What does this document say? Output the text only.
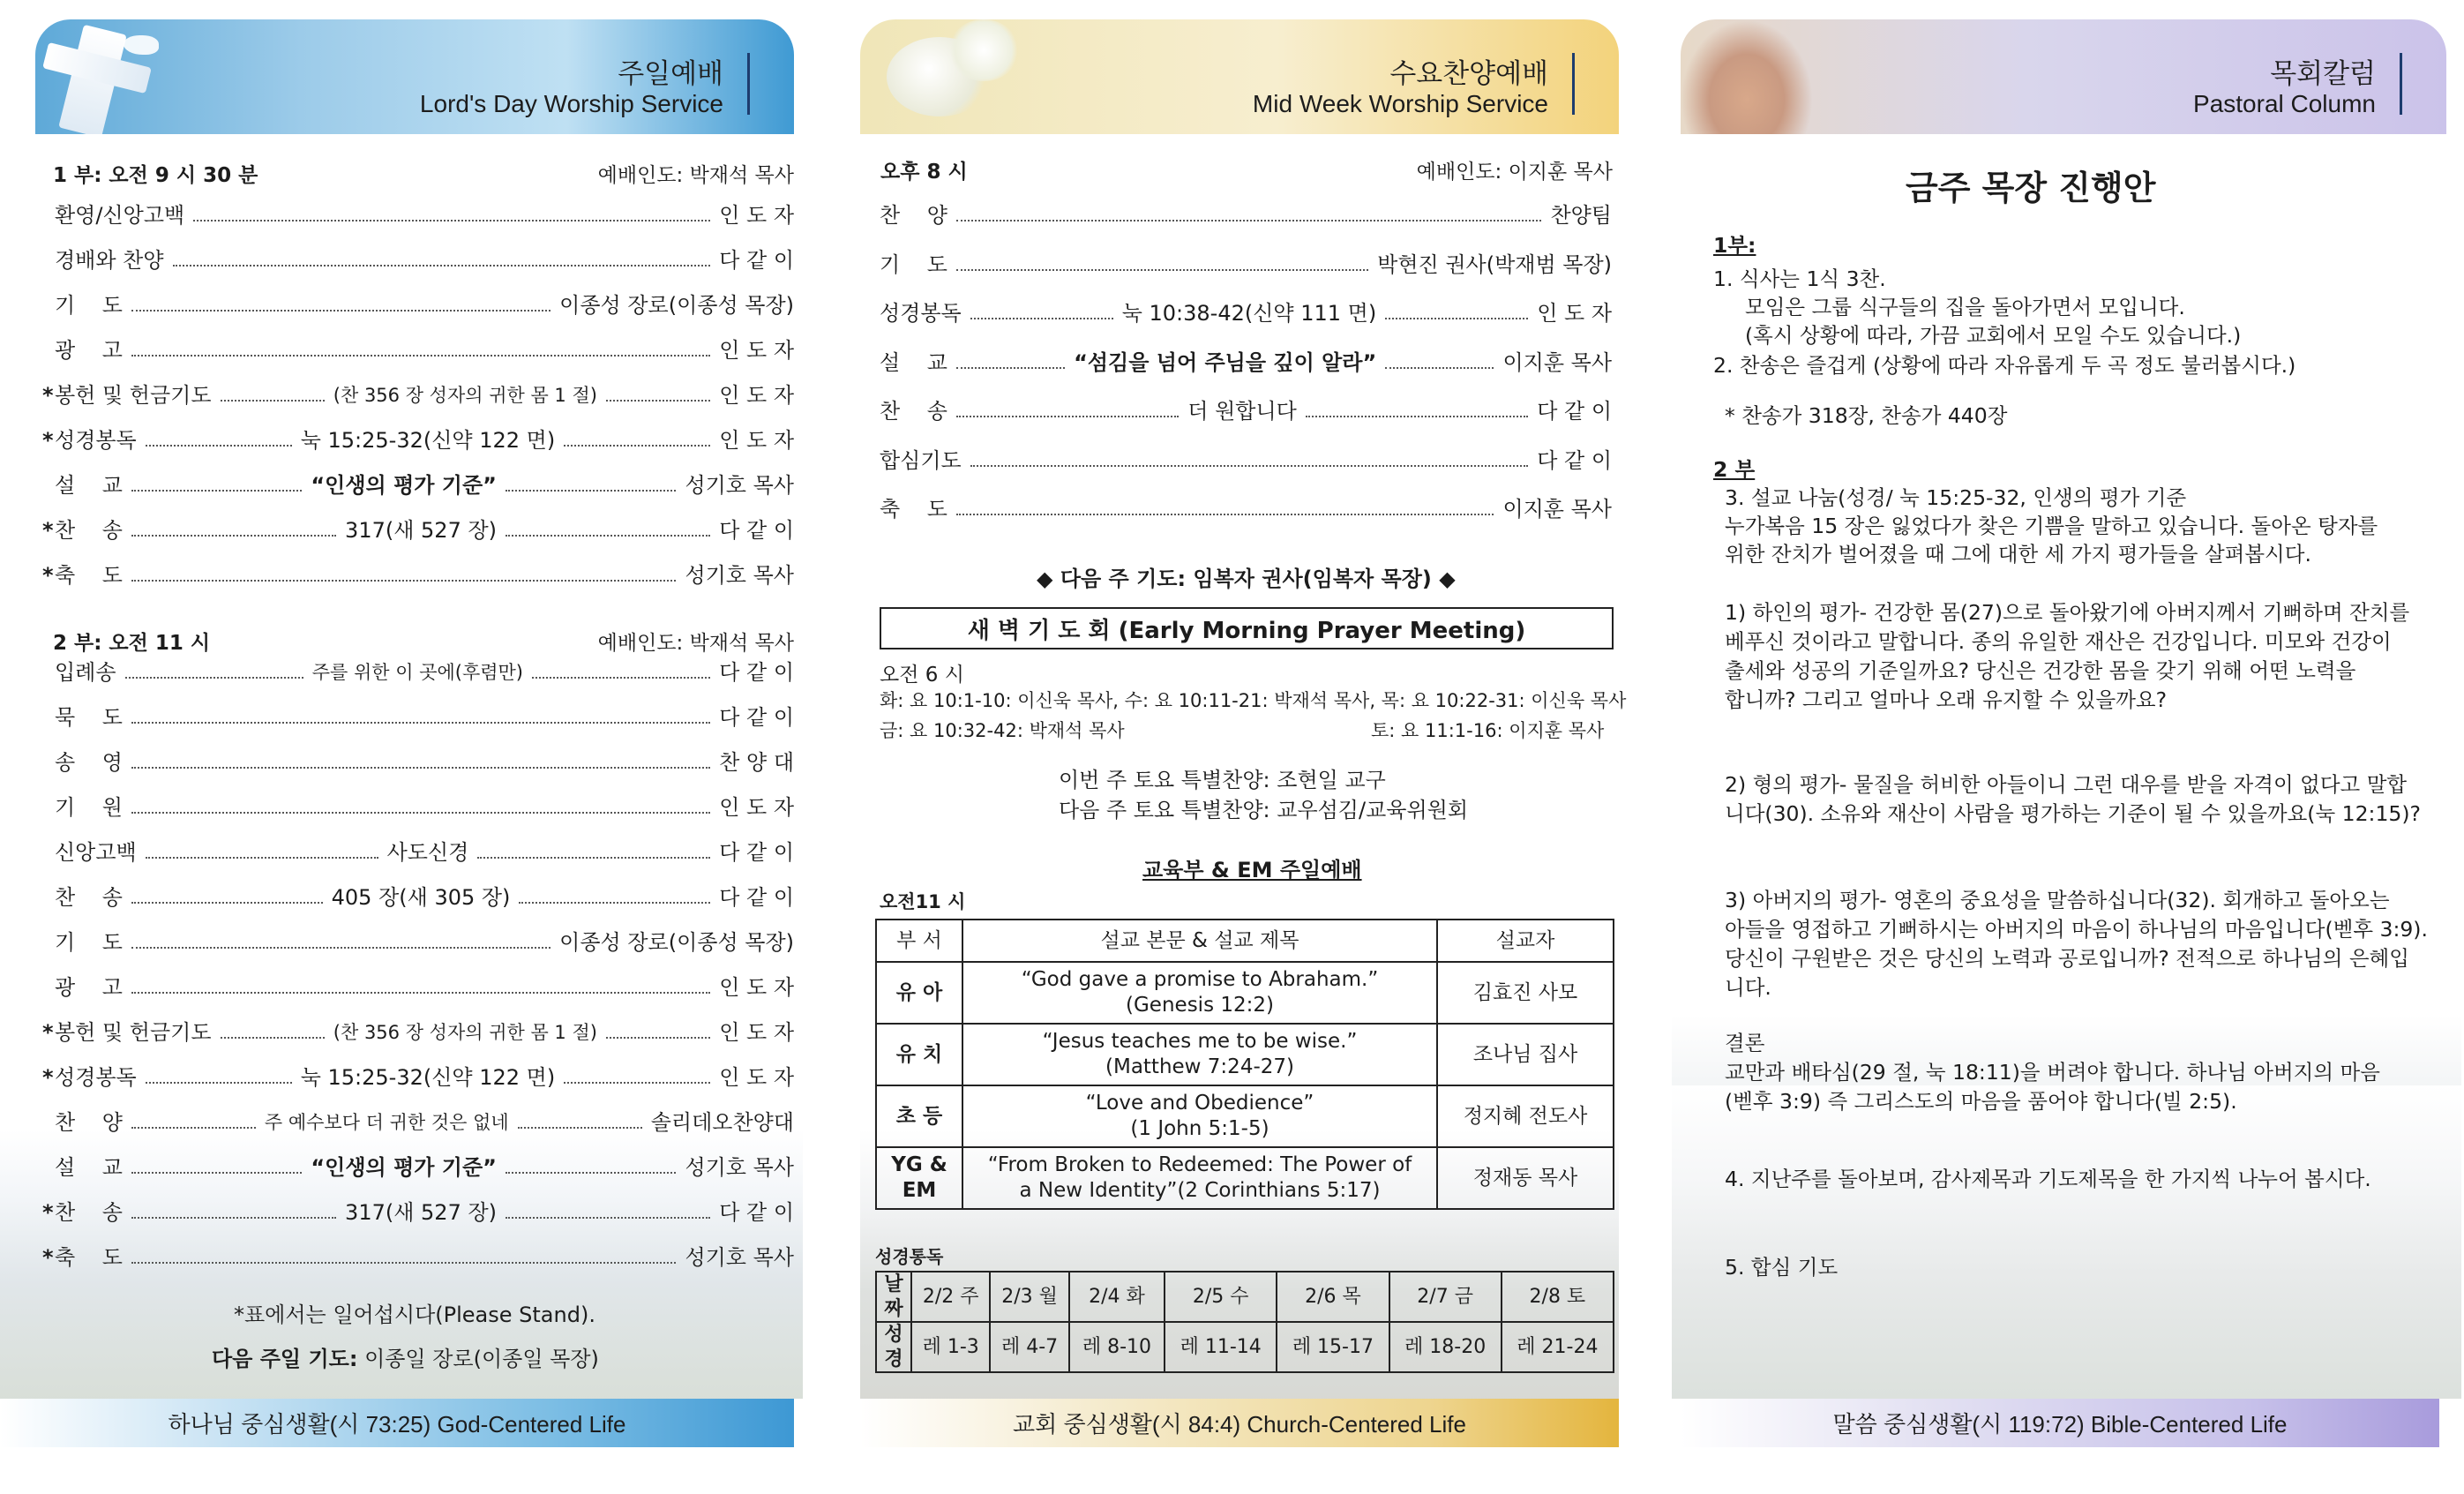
주일예배
Lord's Day Worship Service
1 부: 오전 9 시 30 분	예배인도: 박재석 목사

환영/신앙고백	인 도 자

경배와 찬양	다 같 이

기    도	이종성 장로(이종성 목장)

광    고	인 도 자
* 봉헌 및 헌금기도	(찬 356 장 성자의 귀한 몸 1 절)	인 도 자
* 성경봉독	눅 15:25-32(신약 122 면)	인 도 자

설    교	“인생의 평가 기준”	성기호 목사
* 찬    송	317(새 527 장)	다 같 이
* 축    도	성기호 목사
2 부: 오전 11 시	예배인도: 박재석 목사

입례송	주를 위한 이 곳에(후렴만)	다 같 이

묵    도	다 같 이

송    영	찬 양 대

기    원	인 도 자

신앙고백	사도신경	다 같 이

찬    송	405 장(새 305 장)	다 같 이

기    도	이종성 장로(이종성 목장)

광    고	인 도 자
* 봉헌 및 헌금기도	(찬 356 장 성자의 귀한 몸 1 절)	인 도 자
* 성경봉독	눅 15:25-32(신약 122 면)	인 도 자

찬    양	주 예수보다 더 귀한 것은 없네	솔리데오찬양대

설    교	“인생의 평가 기준”	성기호 목사
* 찬    송	317(새 527 장)	다 같 이
* 축    도	성기호 목사
*표에서는 일어섭시다(Please Stand).
다음 주일 기도: 이종일 장로(이종일 목장)
하나님 중심생활(시 73:25) God-Centered Life
수요찬양예배
Mid Week Worship Service
오후 8 시	예배인도: 이지훈 목사
찬    양	찬양팀
기    도	박현진 권사(박재범 목장)
성경봉독	눅 10:38-42(신약 111 면)	인 도 자
설    교	“섬김을 넘어 주님을 깊이 알라”	이지훈 목사
찬    송	더 원합니다	다 같 이
합심기도	다 같 이
축    도	이지훈 목사
◆ 다음 주 기도: 임복자 권사(임복자 목장) ◆
새 벽 기 도 회 (Early Morning Prayer Meeting)
오전 6 시
화: 요 10:1-10: 이신욱 목사, 수: 요 10:11-21: 박재석 목사, 목: 요 10:22-31: 이신욱 목사
금: 요 10:32-42: 박재석 목사	토: 요 11:1-16: 이지훈 목사
이번 주 토요 특별찬양: 조현일 교구
다음 주 토요 특별찬양: 교우섬김/교육위원회
교육부 & EM 주일예배
오전11 시
부 서	설교 본문 & 설교 제목	설교자
유 아	“God gave a promise to Abraham.”
(Genesis 12:2)	김효진 사모
유 치	“Jesus teaches me to be wise.”
(Matthew 7:24-27)	조나님 집사
초 등	“Love and Obedience”
(1 John 5:1-5)	정지혜 전도사
YG & EM	“From Broken to Redeemed: The Power of
a New Identity”(2 Corinthians 5:17)	정재동 목사
성경통독
날짜	2/2 주	2/3 월	2/4 화	2/5 수	2/6 목	2/7 금	2/8 토
성경	레 1-3	레 4-7	레 8-10	레 11-14	레 15-17	레 18-20	레 21-24
교회 중심생활(시 84:4) Church-Centered Life
목회칼럼
Pastoral Column
금주 목장 진행안
1부:
1. 식사는 1식 3찬.
모임은 그룹 식구들의 집을 돌아가면서 모입니다.
(혹시 상황에 따라, 가끔 교회에서 모일 수도 있습니다.)
2. 찬송은 즐겁게 (상황에 따라 자유롭게 두 곡 정도 불러봅시다.)
* 찬송가 318장, 찬송가 440장
2 부
3. 설교 나눔(성경/ 눅 15:25-32, 인생의 평가 기준
누가복음 15 장은 잃었다가 찾은 기쁨을 말하고 있습니다. 돌아온 탕자를
위한 잔치가 벌어졌을 때 그에 대한 세 가지 평가들을 살펴봅시다.
1) 하인의 평가- 건강한 몸(27)으로 돌아왔기에 아버지께서 기뻐하며 잔치를
베푸신 것이라고 말합니다. 종의 유일한 재산은 건강입니다. 미모와 건강이
출세와 성공의 기준일까요? 당신은 건강한 몸을 갖기 위해 어떤 노력을
합니까? 그리고 얼마나 오래 유지할 수 있을까요?
2) 형의 평가- 물질을 허비한 아들이니 그런 대우를 받을 자격이 없다고 말합
니다(30). 소유와 재산이 사람을 평가하는 기준이 될 수 있을까요(눅 12:15)?
3) 아버지의 평가- 영혼의 중요성을 말씀하십니다(32). 회개하고 돌아오는
아들을 영접하고 기뻐하시는 아버지의 마음이 하나님의 마음입니다(벧후 3:9).
당신이 구원받은 것은 당신의 노력과 공로입니까? 전적으로 하나님의 은혜입
니다.
결론
교만과 배타심(29 절, 눅 18:11)을 버려야 합니다. 하나님 아버지의 마음
(벧후 3:9) 즉 그리스도의 마음을 품어야 합니다(빌 2:5).
4. 지난주를 돌아보며, 감사제목과 기도제목을 한 가지씩 나누어 봅시다.
5. 합심 기도
말씀 중심생활(시 119:72) Bible-Centered Life
